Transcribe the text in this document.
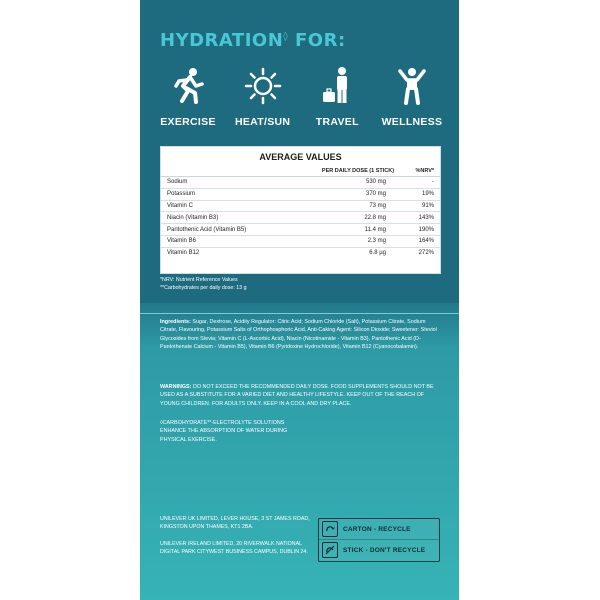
HYDRATION◊ FOR:
EXERCISE	HEAT/SUN	TRAVEL	WELLNESS
AVERAGE VALUES
PER DAILY DOSE (1 STICK)	%NRV*
Sodium	530 mg	-
Potassium	370 mg	19%
Vitamin C	73 mg	91%
Niacin (Vitamin B3)	22.8 mg	143%
Pantothenic Acid (Vitamin B5)	11.4 mg	190%
Vitamin B6	2.3 mg	164%
Vitamin B12	6.8 µg	272%
*NRV: Nutrient Reference Values
**Carbohydrates per daily dose: 13 g
Ingredients: Sugar, Dextrose, Acidity Regulator: Citric Acid; Sodium Chloride (Salt), Potassium Citrate, Sodium Citrate, Flavouring, Potassium Salts of Orthophosphoric Acid, Anti-Caking Agent: Silicon Dioxide; Sweetener: Steviol Glycosides from Stevia; Vitamin C (L-Ascorbic Acid), Niacin (Nicotinamide - Vitamin B3), Pantothenic Acid (D-Pantothenate Calcium - Vitamin B5), Vitamin B6 (Pyridoxine Hydrochloride), Vitamin B12 (Cyanocobalamin).
WARNINGS: DO NOT EXCEED THE RECOMMENDED DAILY DOSE. FOOD SUPPLEMENTS SHOULD NOT BE USED AS A SUBSTITUTE FOR A VARIED DIET AND HEALTHY LIFESTYLE. KEEP OUT OF THE REACH OF YOUNG CHILDREN. FOR ADULTS ONLY. KEEP IN A COOL AND DRY PLACE.
◊CARBOHYDRATE**-ELECTROLYTE SOLUTIONS ENHANCE THE ABSORPTION OF WATER DURING PHYSICAL EXERCISE.
UNILEVER UK LIMITED, LEVER HOUSE, 3 ST JAMES ROAD, KINGSTON UPON THAMES, KT1 2BA.
UNILEVER IRELAND LIMITED, 20 RIVERWALK NATIONAL DIGITAL PARK CITYWEST BUSINESS CAMPUS, DUBLIN 24.
CARTON - RECYCLE
STICK - DON'T RECYCLE
